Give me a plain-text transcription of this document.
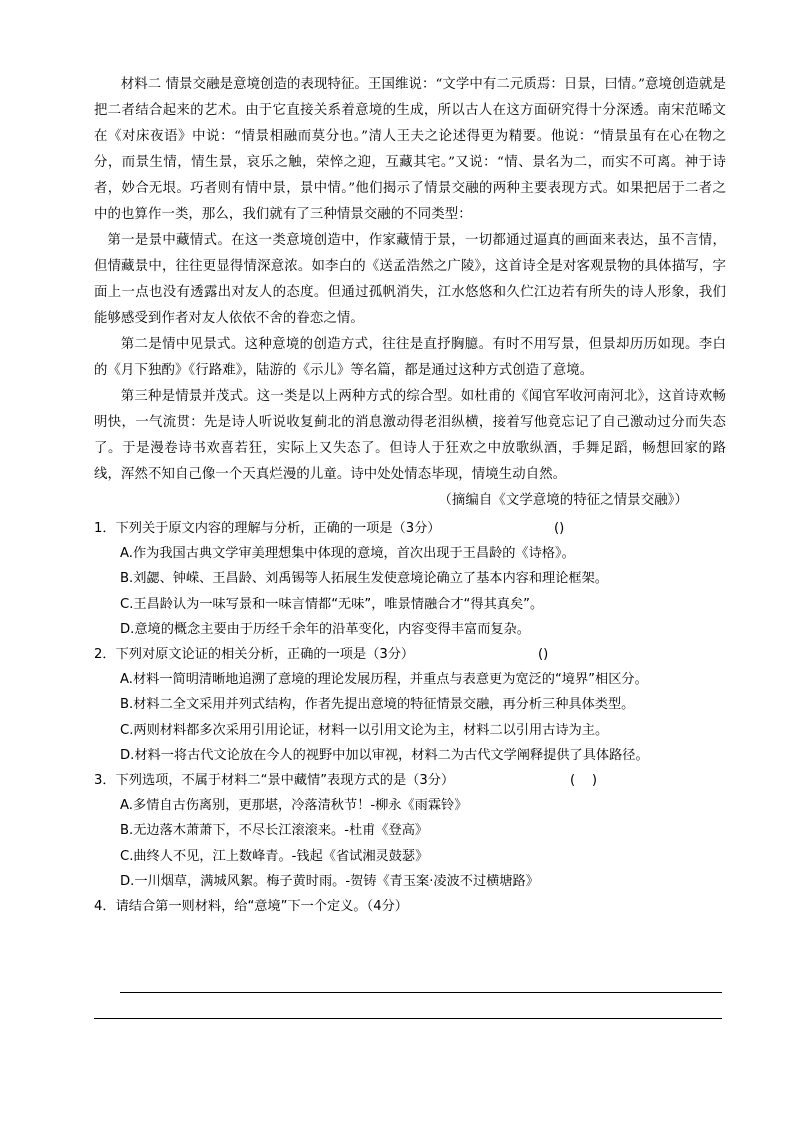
材料二 情景交融是意境创造的表现特征。王国维说：“文学中有二元质焉：日景，曰情。”意境创造就是把二者结合起来的艺术。由于它直接关系着意境的生成，所以古人在这方面研究得十分深透。南宋范晞文在《对床夜语》中说：“情景相融而莫分也。”清人王夫之论述得更为精要。他说：“情景虽有在心在物之分，而景生情，情生景，哀乐之触，荣悴之迎，互藏其宅。”又说：“情、景名为二，而实不可离。神于诗者，妙合无垠。巧者则有情中景，景中情。”他们揭示了情景交融的两种主要表现方式。如果把居于二者之中的也算作一类，那么，我们就有了三种情景交融的不同类型：

第一是景中藏情式。在这一类意境创造中，作家藏情于景，一切都通过逼真的画面来表达，虽不言情，但情藏景中，往往更显得情深意浓。如李白的《送孟浩然之广陵》，这首诗全是对客观景物的具体描写，字面上一点也没有透露出对友人的态度。但通过孤帆消失，江水悠悠和久伫江边若有所失的诗人形象，我们能够感受到作者对友人依依不舍的眷恋之情。

第二是情中见景式。这种意境的创造方式，往往是直抒胸臆。有时不用写景，但景却历历如现。李白的《月下独酌》《行路难》，陆游的《示儿》等名篇，都是通过这种方式创造了意境。

第三种是情景并茂式。这一类是以上两种方式的综合型。如杜甫的《闻官军收河南河北》，这首诗欢畅明快，一气流贯：先是诗人听说收复蓟北的消息激动得老泪纵横，接着写他竟忘记了自己激动过分而失态了。于是漫卷诗书欢喜若狂，实际上又失态了。但诗人于狂欢之中放歌纵酒，手舞足蹈，畅想回家的路线，浑然不知自己像一个天真烂漫的儿童。诗中处处情态毕现，情境生动自然。

（摘编自《文学意境的特征之情景交融》）

1．下列关于原文内容的理解与分析，正确的一项是（3分）	()

A.作为我国古典文学审美理想集中体现的意境，首次出现于王昌龄的《诗格》。

B.刘勰、钟嵘、王昌龄、刘禹锡等人拓展生发使意境论确立了基本内容和理论框架。

C.王昌龄认为一味写景和一味言情都“无味”，唯景情融合才“得其真矣”。

D.意境的概念主要由于历经千余年的沿革变化，内容变得丰富而复杂。

2．下列对原文论证的相关分析，正确的一项是（3分）	()

A.材料一简明清晰地追溯了意境的理论发展历程，并重点与表意更为宽泛的“境界”相区分。

B.材料二全文采用并列式结构，作者先提出意境的特征情景交融，再分析三种具体类型。

C.两则材料都多次采用引用论证，材料一以引用文论为主，材料二以引用古诗为主。

D.材料一将古代文论放在今人的视野中加以审视，材料二为古代文学阐释提供了具体路径。

3．下列选项，不属于材料二“景中藏情”表现方式的是（3分）	(    )

A.多情自古伤离别，更那堪，冷落清秋节！-柳永《雨霖铃》

B.无边落木萧萧下，不尽长江滚滚来。-杜甫《登高》

C.曲终人不见，江上数峰青。-钱起《省试湘灵鼓瑟》

D.一川烟草，满城风絮。梅子黄时雨。-贺铸《青玉案·凌波不过横塘路》

4．请结合第一则材料，给“意境”下一个定义。（4分）
